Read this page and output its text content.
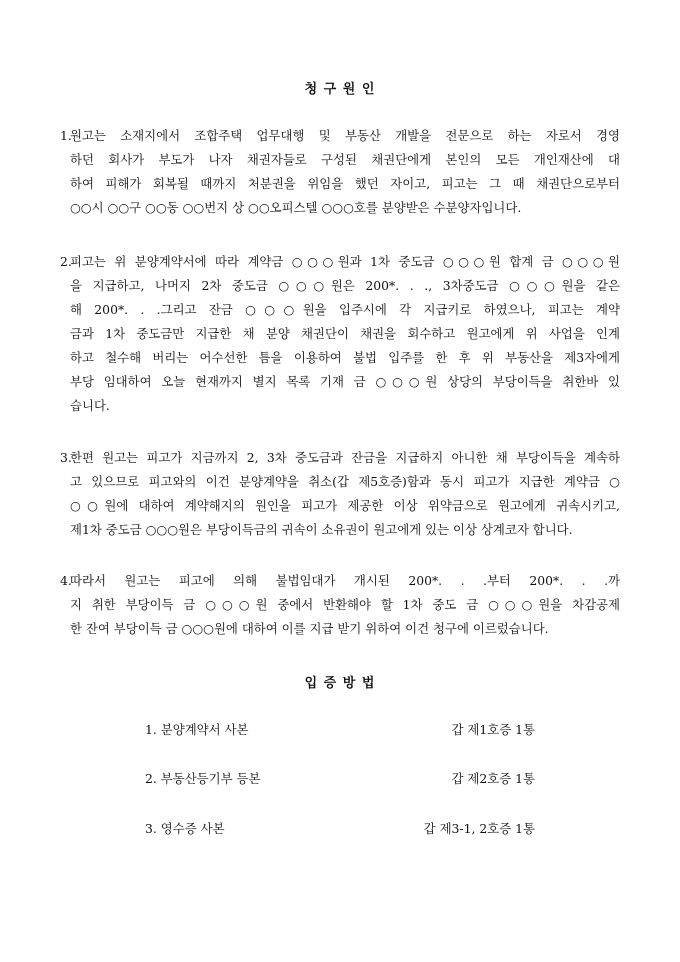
청 구 원 인
1.
원고는 소재지에서 조합주택 업무대행 및 부동산 개발을 전문으로 하는 자로서 경영
하던 회사가 부도가 나자 채권자들로 구성된 채권단에게 본인의 모든 개인재산에 대
하여 피해가 회복될 때까지 처분권을 위임을 했던 자이고, 피고는 그 때 채권단으로부터
○○시 ○○구 ○○동 ○○번지 상 ○○오피스텔 ○○○호를 분양받은 수분양자입니다.
2.
피고는 위 분양계약서에 따라 계약금 ○○○원과 1차 중도금 ○○○원 합계 금 ○○○원
을 지급하고, 나머지 2차 중도금 ○○○원은 200*. . ., 3차중도금 ○○○원을 같은
해 200*. . .그리고 잔금 ○○○원을 입주시에 각 지급키로 하였으나, 피고는 계약
금과 1차 중도금만 지급한 채 분양 채권단이 채권을 회수하고 원고에게 위 사업을 인계
하고 철수해 버리는 어수선한 틈을 이용하여 불법 입주를 한 후 위 부동산을 제3자에게
부당 임대하여 오늘 현재까지 별지 목록 기재 금 ○○○원 상당의 부당이득을 취한바 있
습니다.
3.
한편 원고는 피고가 지금까지 2, 3차 중도금과 잔금을 지급하지 아니한 채 부당이득을 계속하
고 있으므로 피고와의 이건 분양계약을 취소(갑 제5호증)함과 동시 피고가 지급한 계약금 ○
○○원에 대하여 계약해지의 원인을 피고가 제공한 이상 위약금으로 원고에게 귀속시키고,
제1차 중도금 ○○○원은 부당이득금의 귀속이 소유권이 원고에게 있는 이상 상계코자 합니다.
4.
따라서 원고는 피고에 의해 불법임대가 개시된 200*. . .부터 200*. . .까
지 취한 부당이득 금 ○○○원 중에서 반환해야 할 1차 중도 금 ○○○원을 차감공제
한 잔여 부당이득 금 ○○○원에 대하여 이를 지급 받기 위하여 이건 청구에 이르렀습니다.
입 증 방 법
1. 분양계약서 사본	갑 제1호증 1통
2. 부동산등기부 등본	갑 제2호증 1통
3. 영수증 사본	갑 제3-1, 2호증 1통
